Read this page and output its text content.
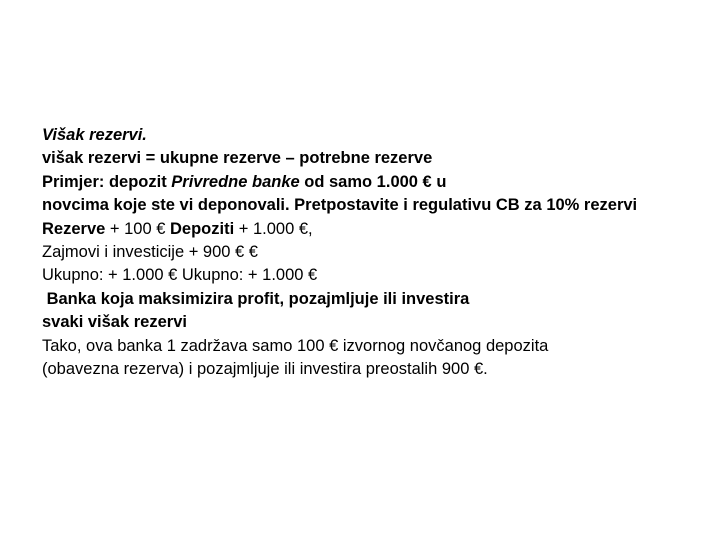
Višak rezervi.
višak rezervi = ukupne rezerve – potrebne rezerve
Primjer: depozit Privredne banke od samo 1.000 € u
novcima koje ste vi deponovali. Pretpostavite i regulativu CB za 10% rezervi
Rezerve + 100 € Depoziti + 1.000 €,
Zajmovi i investicije + 900 € €
Ukupno: + 1.000 € Ukupno: + 1.000 €
Banka koja maksimizira profit, pozajmljuje ili investira
svaki višak rezervi
Tako, ova banka 1 zadržava samo 100 € izvornog novčanog depozita
(obavezna rezerva) i pozajmljuje ili investira preostalih 900 €.
